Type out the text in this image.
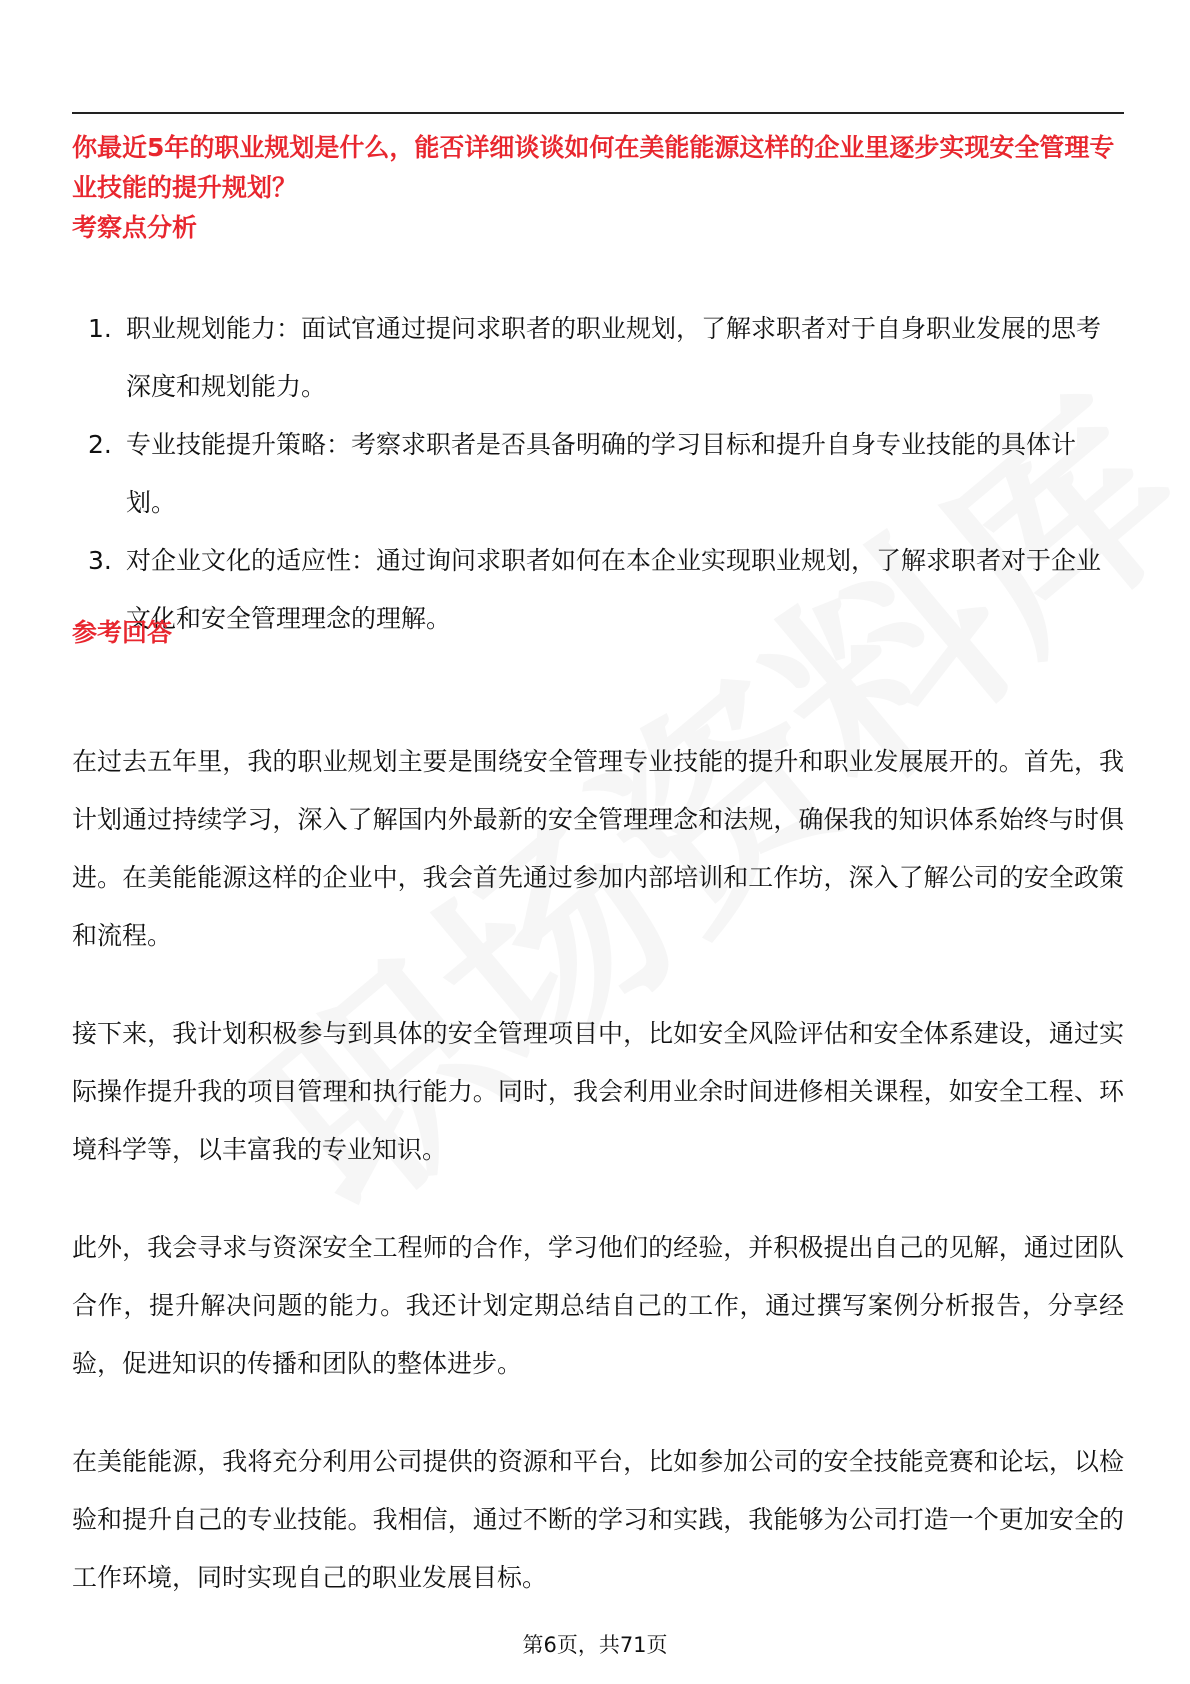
你最近5年的职业规划是什么，能否详细谈谈如何在美能能源这样的企业里逐步实现安全管理专业技能的提升规划？
考察点分析
1. 职业规划能力：面试官通过提问求职者的职业规划，了解求职者对于自身职业发展的思考深度和规划能力。
2. 专业技能提升策略：考察求职者是否具备明确的学习目标和提升自身专业技能的具体计划。
3. 对企业文化的适应性：通过询问求职者如何在本企业实现职业规划，了解求职者对于企业文化和安全管理理念的理解。
参考回答

在过去五年里，我的职业规划主要是围绕安全管理专业技能的提升和职业发展展开的。首先，我计划通过持续学习，深入了解国内外最新的安全管理理念和法规，确保我的知识体系始终与时俱进。在美能能源这样的企业中，我会首先通过参加内部培训和工作坊，深入了解公司的安全政策和流程。

接下来，我计划积极参与到具体的安全管理项目中，比如安全风险评估和安全体系建设，通过实际操作提升我的项目管理和执行能力。同时，我会利用业余时间进修相关课程，如安全工程、环境科学等，以丰富我的专业知识。

此外，我会寻求与资深安全工程师的合作，学习他们的经验，并积极提出自己的见解，通过团队合作，提升解决问题的能力。我还计划定期总结自己的工作，通过撰写案例分析报告，分享经验，促进知识的传播和团队的整体进步。

在美能能源，我将充分利用公司提供的资源和平台，比如参加公司的安全技能竞赛和论坛，以检验和提升自己的专业技能。我相信，通过不断的学习和实践，我能够为公司打造一个更加安全的工作环境，同时实现自己的职业发展目标。

第6页，共71页
